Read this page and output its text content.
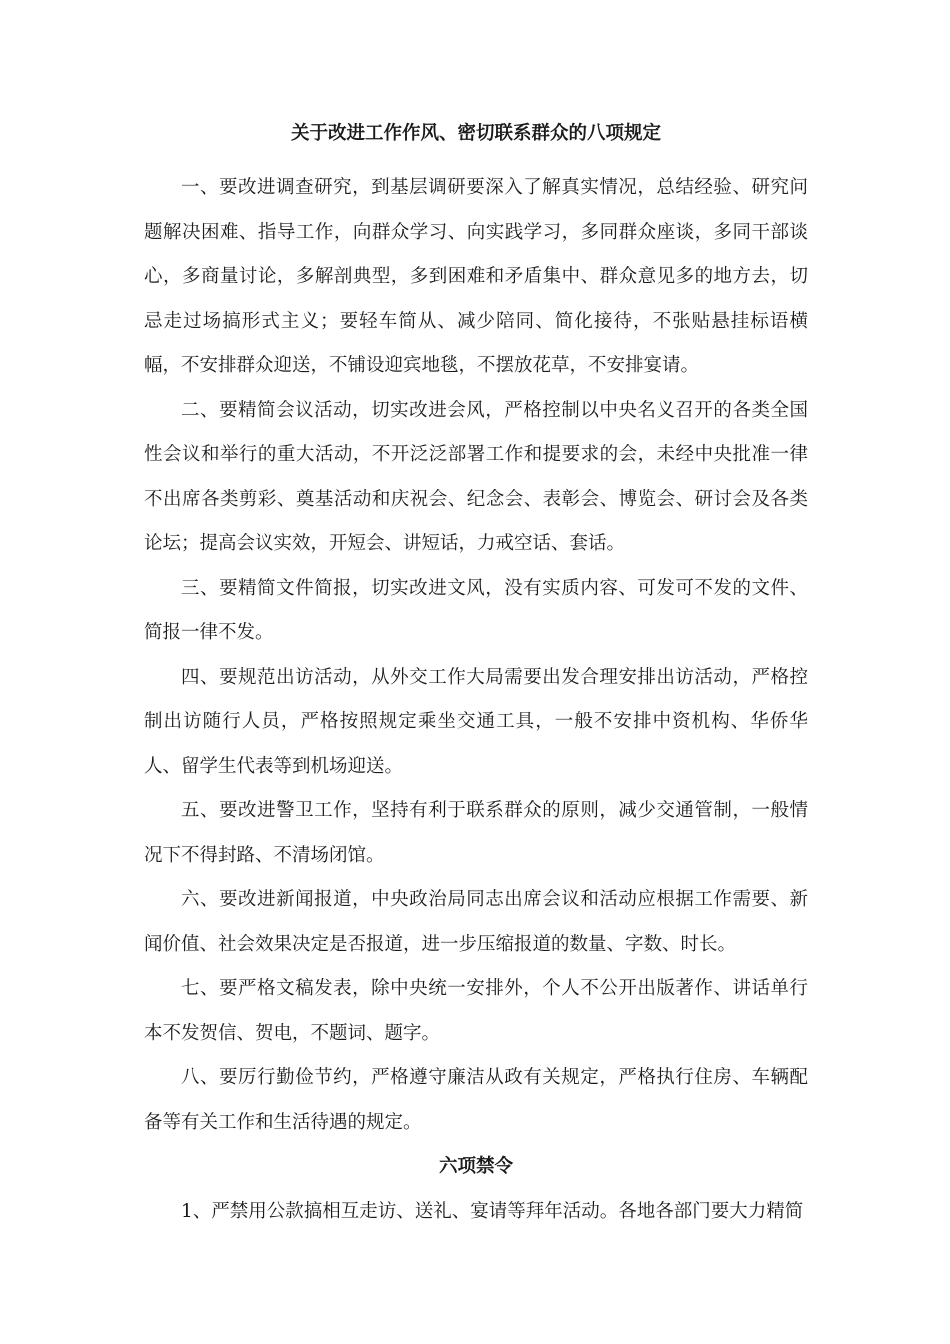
关于改进工作作风、密切联系群众的八项规定

一、要改进调查研究，到基层调研要深入了解真实情况，总结经验、研究问题解决困难、指导工作，向群众学习、向实践学习，多同群众座谈，多同干部谈心，多商量讨论，多解剖典型，多到困难和矛盾集中、群众意见多的地方去，切忌走过场搞形式主义；要轻车简从、减少陪同、简化接待，不张贴悬挂标语横幅，不安排群众迎送，不铺设迎宾地毯，不摆放花草，不安排宴请。

二、要精简会议活动，切实改进会风，严格控制以中央名义召开的各类全国性会议和举行的重大活动，不开泛泛部署工作和提要求的会，未经中央批准一律不出席各类剪彩、奠基活动和庆祝会、纪念会、表彰会、博览会、研讨会及各类论坛；提高会议实效，开短会、讲短话，力戒空话、套话。

三、要精简文件简报，切实改进文风，没有实质内容、可发可不发的文件、简报一律不发。

四、要规范出访活动，从外交工作大局需要出发合理安排出访活动，严格控制出访随行人员，严格按照规定乘坐交通工具，一般不安排中资机构、华侨华人、留学生代表等到机场迎送。

五、要改进警卫工作，坚持有利于联系群众的原则，减少交通管制，一般情况下不得封路、不清场闭馆。

六、要改进新闻报道，中央政治局同志出席会议和活动应根据工作需要、新闻价值、社会效果决定是否报道，进一步压缩报道的数量、字数、时长。

七、要严格文稿发表，除中央统一安排外，个人不公开出版著作、讲话单行本不发贺信、贺电，不题词、题字。

八、要厉行勤俭节约，严格遵守廉洁从政有关规定，严格执行住房、车辆配备等有关工作和生活待遇的规定。

六项禁令

1、严禁用公款搞相互走访、送礼、宴请等拜年活动。各地各部门要大力精简
